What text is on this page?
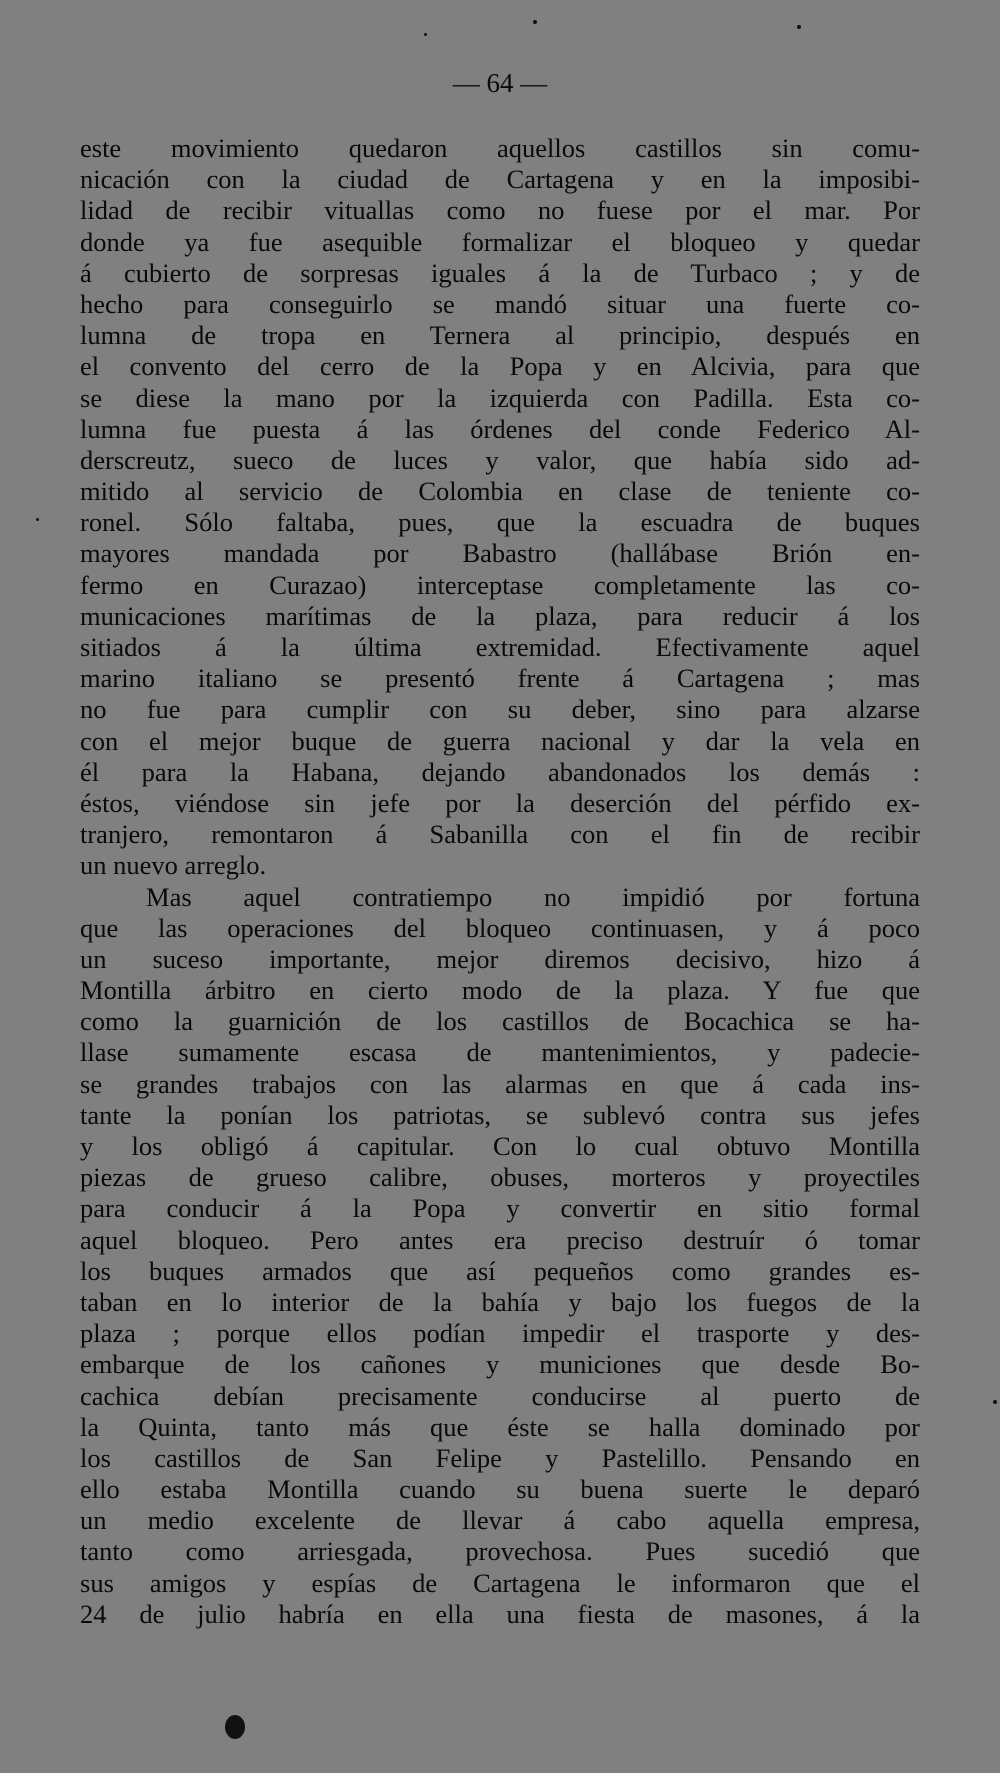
— 64 —
este movimiento quedaron aquellos castillos sin comu-
nicación con la ciudad de Cartagena y en la imposibi-
lidad de recibir vituallas como no fuese por el mar. Por
donde ya fue asequible formalizar el bloqueo y quedar
á cubierto de sorpresas iguales á la de Turbaco ; y de
hecho para conseguirlo se mandó situar una fuerte co-
lumna de tropa en Ternera al principio, después en
el convento del cerro de la Popa y en Alcivia, para que
se diese la mano por la izquierda con Padilla. Esta co-
lumna fue puesta á las órdenes del conde Federico Al-
derscreutz, sueco de luces y valor, que había sido ad-
mitido al servicio de Colombia en clase de teniente co-
ronel. Sólo faltaba, pues, que la escuadra de buques
mayores mandada por Babastro (hallábase Brión en-
fermo en Curazao) interceptase completamente las co-
municaciones marítimas de la plaza, para reducir á los
sitiados á la última extremidad. Efectivamente aquel
marino italiano se presentó frente á Cartagena ; mas
no fue para cumplir con su deber, sino para alzarse
con el mejor buque de guerra nacional y dar la vela en
él para la Habana, dejando abandonados los demás :
éstos, viéndose sin jefe por la deserción del pérfido ex-
tranjero, remontaron á Sabanilla con el fin de recibir
un nuevo arreglo.
Mas aquel contratiempo no impidió por fortuna
que las operaciones del bloqueo continuasen, y á poco
un suceso importante, mejor diremos decisivo, hizo á
Montilla árbitro en cierto modo de la plaza. Y fue que
como la guarnición de los castillos de Bocachica se ha-
llase sumamente escasa de mantenimientos, y padecie-
se grandes trabajos con las alarmas en que á cada ins-
tante la ponían los patriotas, se sublevó contra sus jefes
y los obligó á capitular. Con lo cual obtuvo Montilla
piezas de grueso calibre, obuses, morteros y proyectiles
para conducir á la Popa y convertir en sitio formal
aquel bloqueo. Pero antes era preciso destruír ó tomar
los buques armados que así pequeños como grandes es-
taban en lo interior de la bahía y bajo los fuegos de la
plaza ; porque ellos podían impedir el trasporte y des-
embarque de los cañones y municiones que desde Bo-
cachica debían precisamente conducirse al puerto de
la Quinta, tanto más que éste se halla dominado por
los castillos de San Felipe y Pastelillo. Pensando en
ello estaba Montilla cuando su buena suerte le deparó
un medio excelente de llevar á cabo aquella empresa,
tanto como arriesgada, provechosa. Pues sucedió que
sus amigos y espías de Cartagena le informaron que el
24 de julio habría en ella una fiesta de masones, á la
